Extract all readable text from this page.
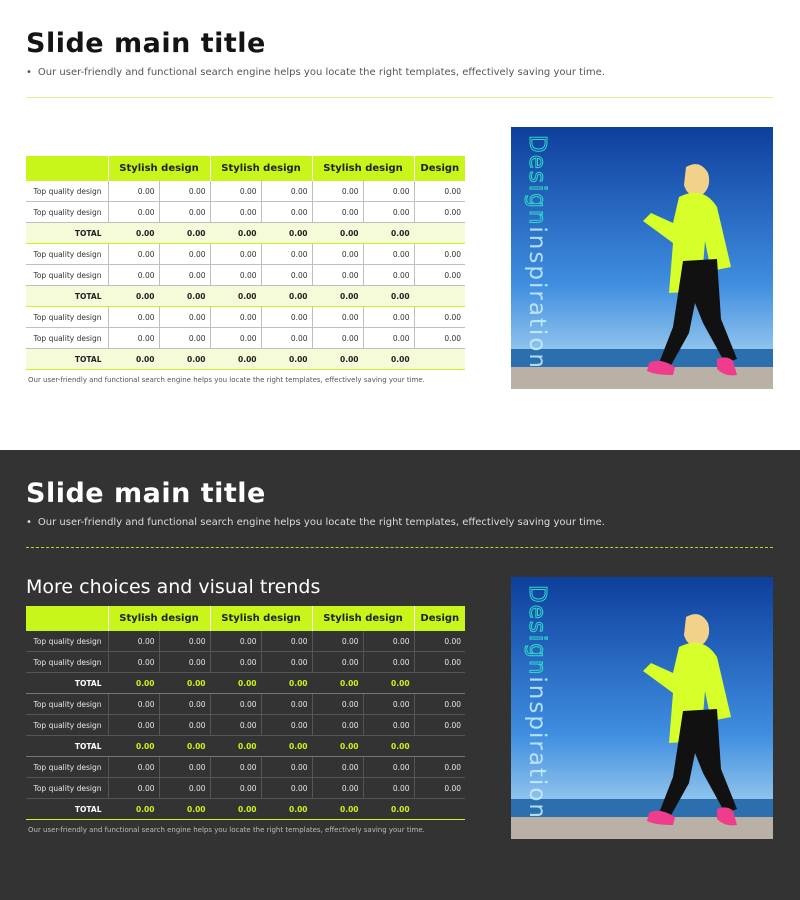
Slide main title
• Our user-friendly and functional search engine helps you locate the right templates, effectively saving your time.
	Stylish design		Stylish design		Stylish design		Design
Top quality design	0.00	0.00	0.00	0.00	0.00	0.00	0.00
Top quality design	0.00	0.00	0.00	0.00	0.00	0.00	0.00
TOTAL	0.00	0.00	0.00	0.00	0.00	0.00	
Top quality design	0.00	0.00	0.00	0.00	0.00	0.00	0.00
Top quality design	0.00	0.00	0.00	0.00	0.00	0.00	0.00
TOTAL	0.00	0.00	0.00	0.00	0.00	0.00	
Top quality design	0.00	0.00	0.00	0.00	0.00	0.00	0.00
Top quality design	0.00	0.00	0.00	0.00	0.00	0.00	0.00
TOTAL	0.00	0.00	0.00	0.00	0.00	0.00	
Our user-friendly and functional search engine helps you locate the right templates, effectively saving your time.
Designinspiration
Slide main title
• Our user-friendly and functional search engine helps you locate the right templates, effectively saving your time.
More choices and visual trends
	Stylish design		Stylish design		Stylish design		Design
Top quality design	0.00	0.00	0.00	0.00	0.00	0.00	0.00
Top quality design	0.00	0.00	0.00	0.00	0.00	0.00	0.00
TOTAL	0.00	0.00	0.00	0.00	0.00	0.00	
Top quality design	0.00	0.00	0.00	0.00	0.00	0.00	0.00
Top quality design	0.00	0.00	0.00	0.00	0.00	0.00	0.00
TOTAL	0.00	0.00	0.00	0.00	0.00	0.00	
Top quality design	0.00	0.00	0.00	0.00	0.00	0.00	0.00
Top quality design	0.00	0.00	0.00	0.00	0.00	0.00	0.00
TOTAL	0.00	0.00	0.00	0.00	0.00	0.00	
Our user-friendly and functional search engine helps you locate the right templates, effectively saving your time.
Designinspiration
